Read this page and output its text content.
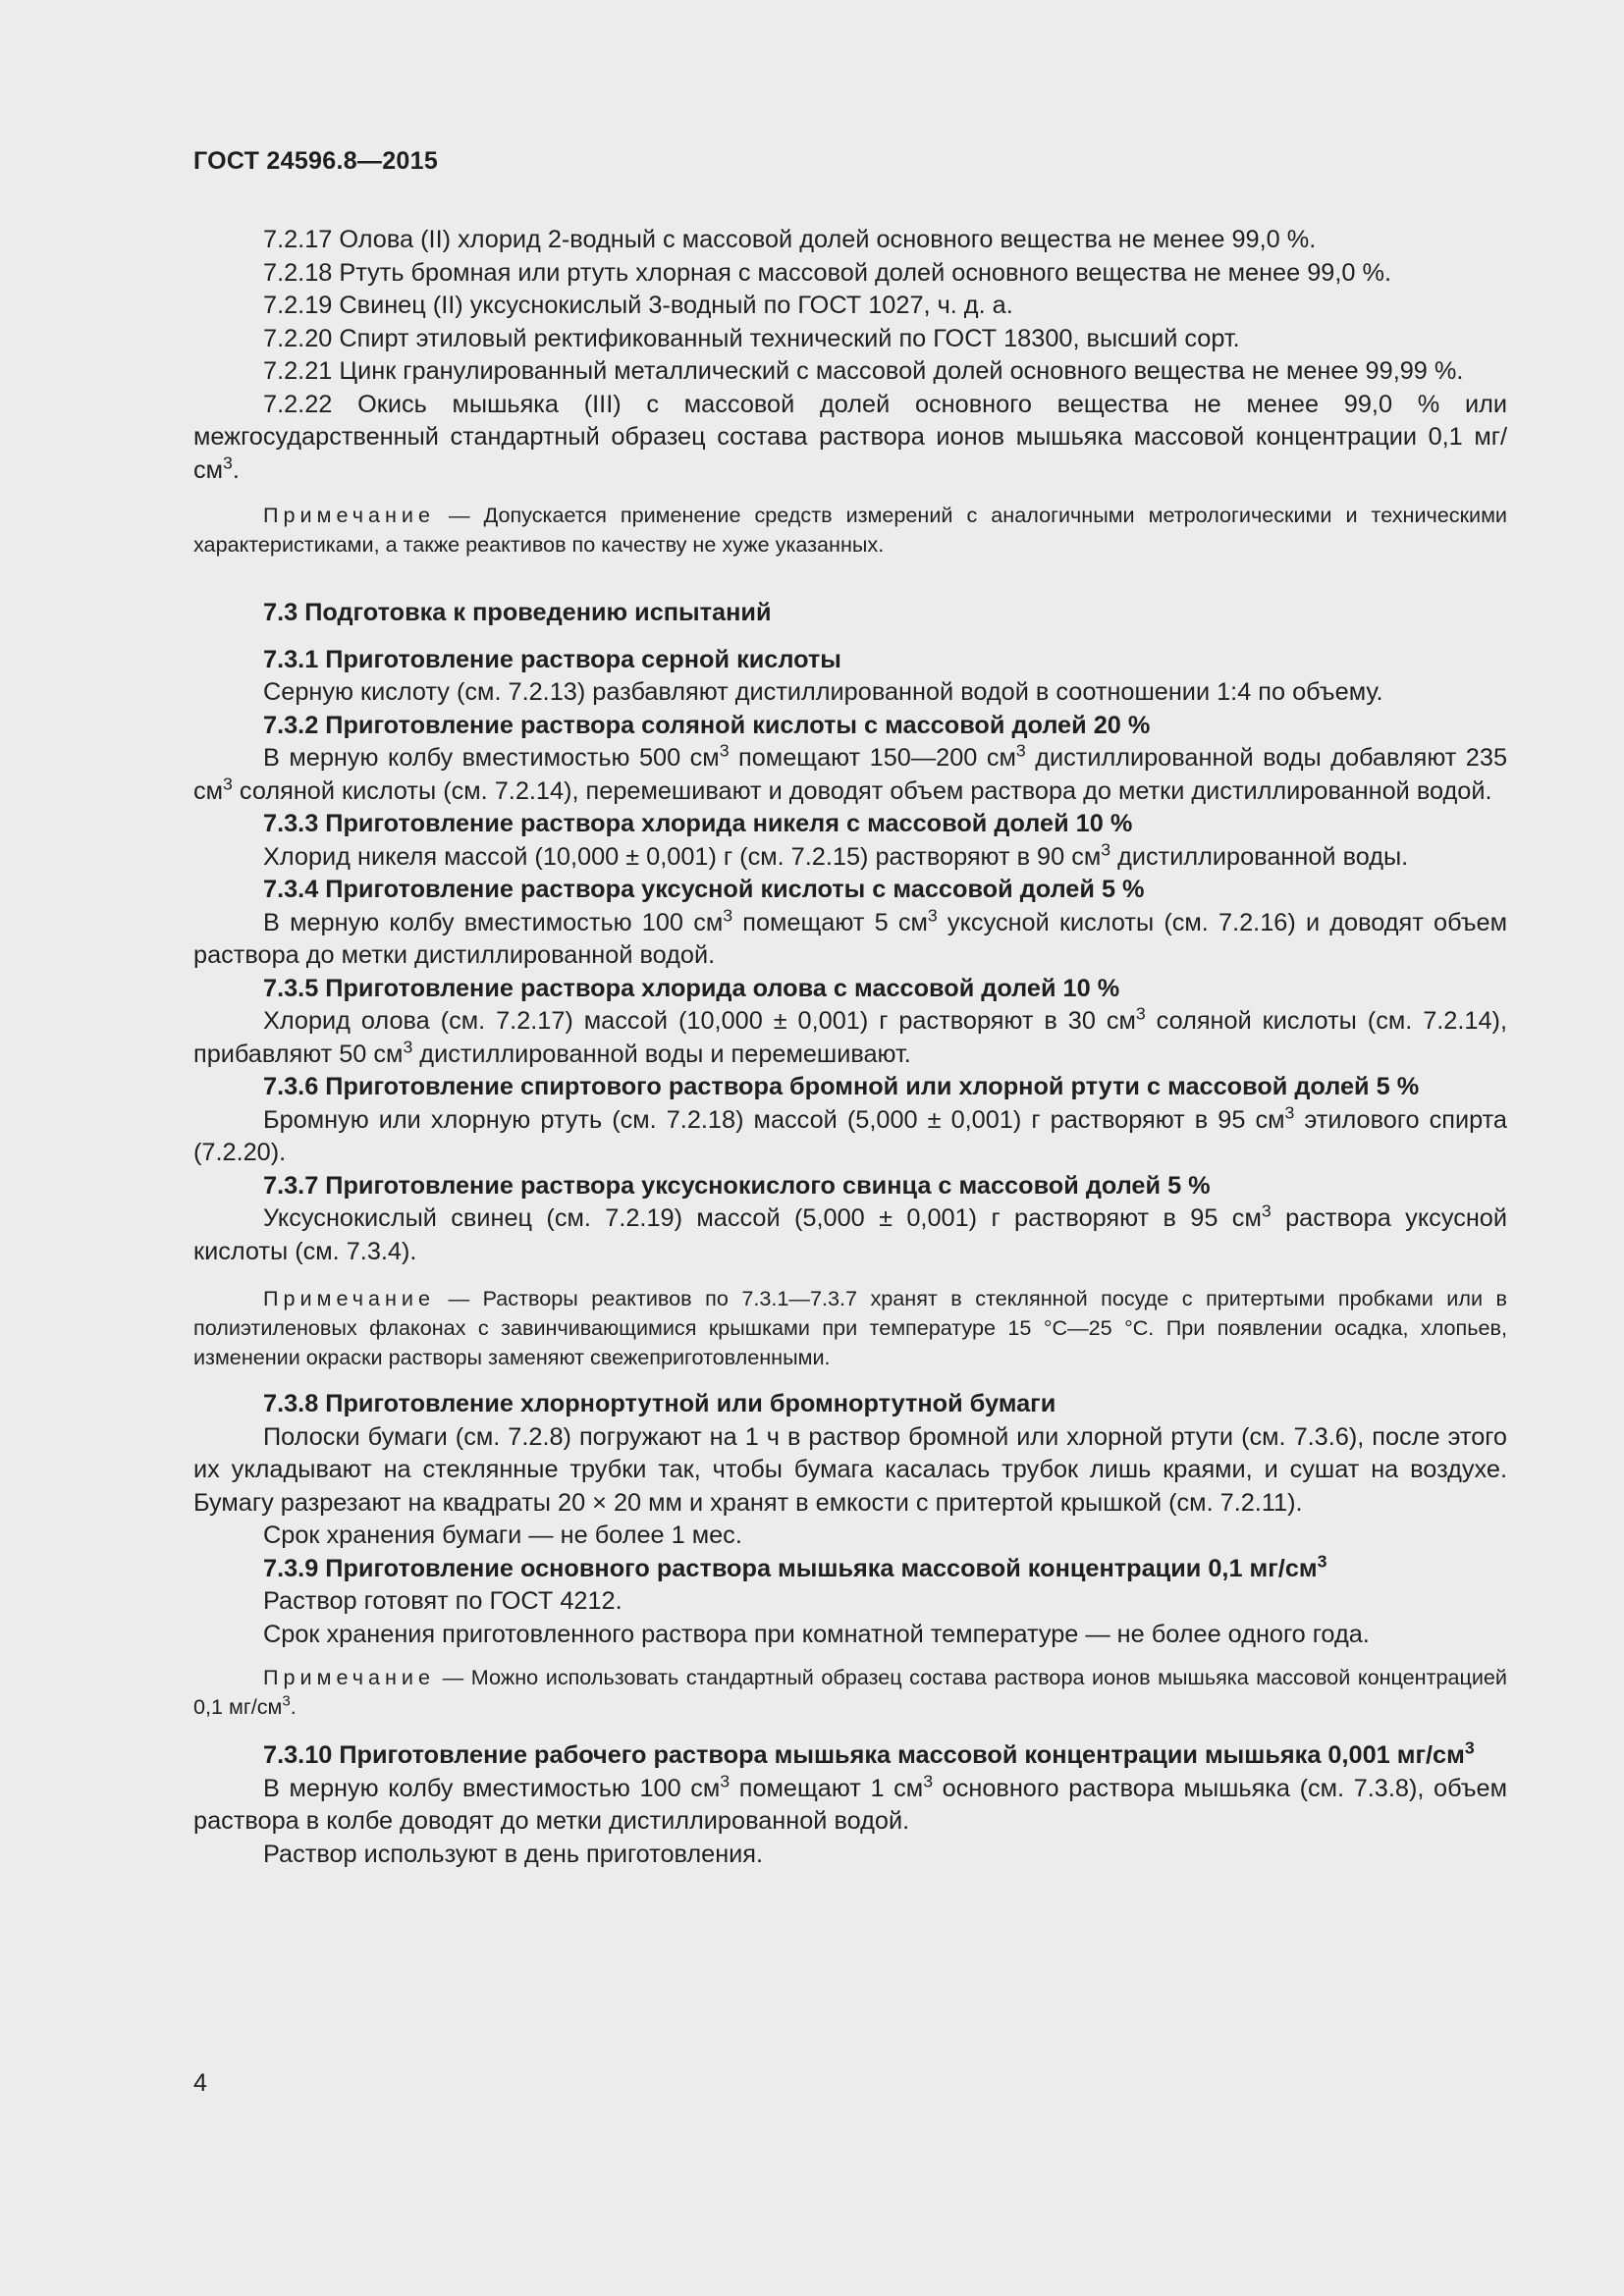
ГОСТ 24596.8—2015

7.2.17 Олова (II) хлорид 2-водный с массовой долей основного вещества не менее 99,0 %.

7.2.18 Ртуть бромная или ртуть хлорная с массовой долей основного вещества не менее 99,0 %.

7.2.19 Свинец (II) уксуснокислый 3-водный по ГОСТ 1027, ч. д. а.

7.2.20 Спирт этиловый ректификованный технический по ГОСТ 18300, высший сорт.

7.2.21 Цинк гранулированный металлический с массовой долей основного вещества не менее 99,99 %.

7.2.22 Окись мышьяка (III) с массовой долей основного вещества не менее 99,0 % или межгосударственный стандартный образец состава раствора ионов мышьяка массовой концентрации 0,1 $мг/см^3$.

Примечание — Допускается применение средств измерений с аналогичными метрологическими и техническими характеристиками, а также реактивов по качеству не хуже указанных.

7.3 Подготовка к проведению испытаний

7.3.1 Приготовление раствора серной кислоты

Серную кислоту (см. 7.2.13) разбавляют дистиллированной водой в соотношении 1:4 по объему.

7.3.2 Приготовление раствора соляной кислоты с массовой долей 20 %

В мерную колбу вместимостью 500 $см^3$ помещают 150—200 $см^3$ дистиллированной воды добавляют 235 $см^3$ соляной кислоты (см. 7.2.14), перемешивают и доводят объем раствора до метки дистиллированной водой.

7.3.3 Приготовление раствора хлорида никеля с массовой долей 10 %

Хлорид никеля массой (10,000 ± 0,001) г (см. 7.2.15) растворяют в 90 $см^3$ дистиллированной воды.

7.3.4 Приготовление раствора уксусной кислоты с массовой долей 5 %

В мерную колбу вместимостью 100 $см^3$ помещают 5 $см^3$ уксусной кислоты (см. 7.2.16) и доводят объем раствора до метки дистиллированной водой.

7.3.5 Приготовление раствора хлорида олова с массовой долей 10 %

Хлорид олова (см. 7.2.17) массой (10,000 ± 0,001) г растворяют в 30 $см^3$ соляной кислоты (см. 7.2.14), прибавляют 50 $см^3$ дистиллированной воды и перемешивают.

7.3.6 Приготовление спиртового раствора бромной или хлорной ртути с массовой долей 5 %

Бромную или хлорную ртуть (см. 7.2.18) массой (5,000 ± 0,001) г растворяют в 95 $см^3$ этилового спирта (7.2.20).

7.3.7 Приготовление раствора уксуснокислого свинца с массовой долей 5 %

Уксуснокислый свинец (см. 7.2.19) массой (5,000 ± 0,001) г растворяют в 95 $см^3$ раствора уксусной кислоты (см. 7.3.4).

Примечание — Растворы реактивов по 7.3.1—7.3.7 хранят в стеклянной посуде с притертыми пробками или в полиэтиленовых флаконах с завинчивающимися крышками при температуре 15 °С—25 °С. При появлении осадка, хлопьев, изменении окраски растворы заменяют свежеприготовленными.

7.3.8 Приготовление хлорнортутной или бромнортутной бумаги

Полоски бумаги (см. 7.2.8) погружают на 1 ч в раствор бромной или хлорной ртути (см. 7.3.6), после этого их укладывают на стеклянные трубки так, чтобы бумага касалась трубок лишь краями, и сушат на воздухе. Бумагу разрезают на квадраты 20 × 20 мм и хранят в емкости с притертой крышкой (см. 7.2.11).

Срок хранения бумаги — не более 1 мес.

7.3.9 Приготовление основного раствора мышьяка массовой концентрации 0,1 $мг/см^3$

Раствор готовят по ГОСТ 4212.

Срок хранения приготовленного раствора при комнатной температуре — не более одного года.

Примечание — Можно использовать стандартный образец состава раствора ионов мышьяка массовой концентрацией 0,1 $мг/см^3$.

7.3.10 Приготовление рабочего раствора мышьяка массовой концентрации мышьяка 0,001 $мг/см^3$

В мерную колбу вместимостью 100 $см^3$ помещают 1 $см^3$ основного раствора мышьяка (см. 7.3.8), объем раствора в колбе доводят до метки дистиллированной водой.

Раствор используют в день приготовления.

4
